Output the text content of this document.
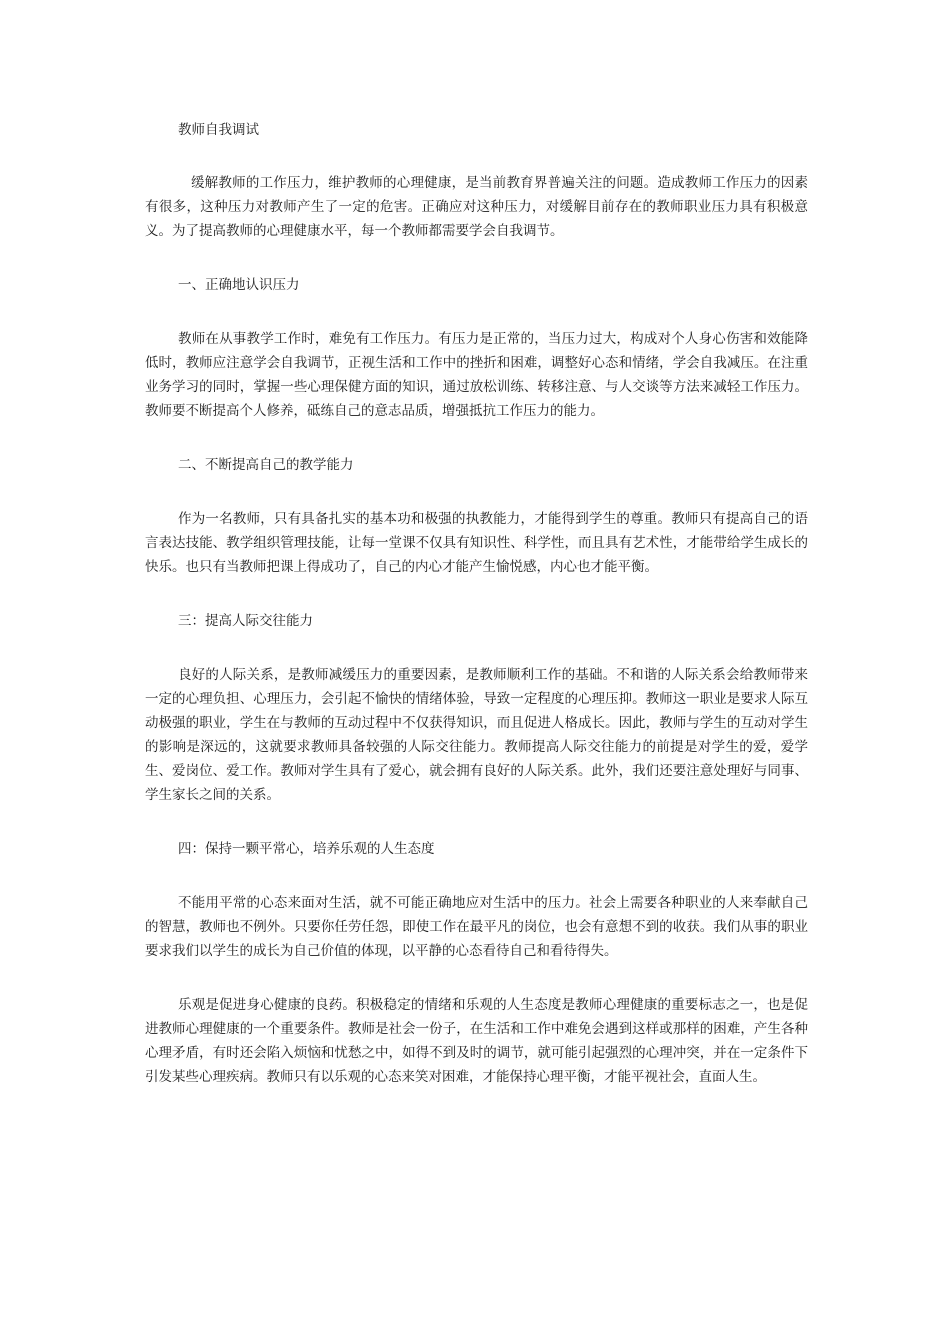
教师自我调试

缓解教师的工作压力，维护教师的心理健康，是当前教育界普遍关注的问题。造成教师工作压力的因素有很多，这种压力对教师产生了一定的危害。正确应对这种压力，对缓解目前存在的教师职业压力具有积极意义。为了提高教师的心理健康水平，每一个教师都需要学会自我调节。

一、正确地认识压力

教师在从事教学工作时，难免有工作压力。有压力是正常的，当压力过大，构成对个人身心伤害和效能降低时，教师应注意学会自我调节，正视生活和工作中的挫折和困难，调整好心态和情绪，学会自我减压。在注重业务学习的同时，掌握一些心理保健方面的知识，通过放松训练、转移注意、与人交谈等方法来减轻工作压力。教师要不断提高个人修养，砥练自己的意志品质，增强抵抗工作压力的能力。

二、不断提高自己的教学能力

作为一名教师，只有具备扎实的基本功和极强的执教能力，才能得到学生的尊重。教师只有提高自己的语言表达技能、教学组织管理技能，让每一堂课不仅具有知识性、科学性，而且具有艺术性，才能带给学生成长的快乐。也只有当教师把课上得成功了，自己的内心才能产生愉悦感，内心也才能平衡。

三：提高人际交往能力

良好的人际关系，是教师减缓压力的重要因素，是教师顺利工作的基础。不和谐的人际关系会给教师带来一定的心理负担、心理压力，会引起不愉快的情绪体验，导致一定程度的心理压抑。教师这一职业是要求人际互动极强的职业，学生在与教师的互动过程中不仅获得知识，而且促进人格成长。因此，教师与学生的互动对学生的影响是深远的，这就要求教师具备较强的人际交往能力。教师提高人际交往能力的前提是对学生的爱，爱学生、爱岗位、爱工作。教师对学生具有了爱心，就会拥有良好的人际关系。此外，我们还要注意处理好与同事、学生家长之间的关系。

四：保持一颗平常心，培养乐观的人生态度

不能用平常的心态来面对生活，就不可能正确地应对生活中的压力。社会上需要各种职业的人来奉献自己的智慧，教师也不例外。只要你任劳任怨，即使工作在最平凡的岗位，也会有意想不到的收获。我们从事的职业要求我们以学生的成长为自己价值的体现，以平静的心态看待自己和看待得失。

乐观是促进身心健康的良药。积极稳定的情绪和乐观的人生态度是教师心理健康的重要标志之一，也是促进教师心理健康的一个重要条件。教师是社会一份子，在生活和工作中难免会遇到这样或那样的困难，产生各种心理矛盾，有时还会陷入烦恼和忧愁之中，如得不到及时的调节，就可能引起强烈的心理冲突，并在一定条件下引发某些心理疾病。教师只有以乐观的心态来笑对困难，才能保持心理平衡，才能平视社会，直面人生。
